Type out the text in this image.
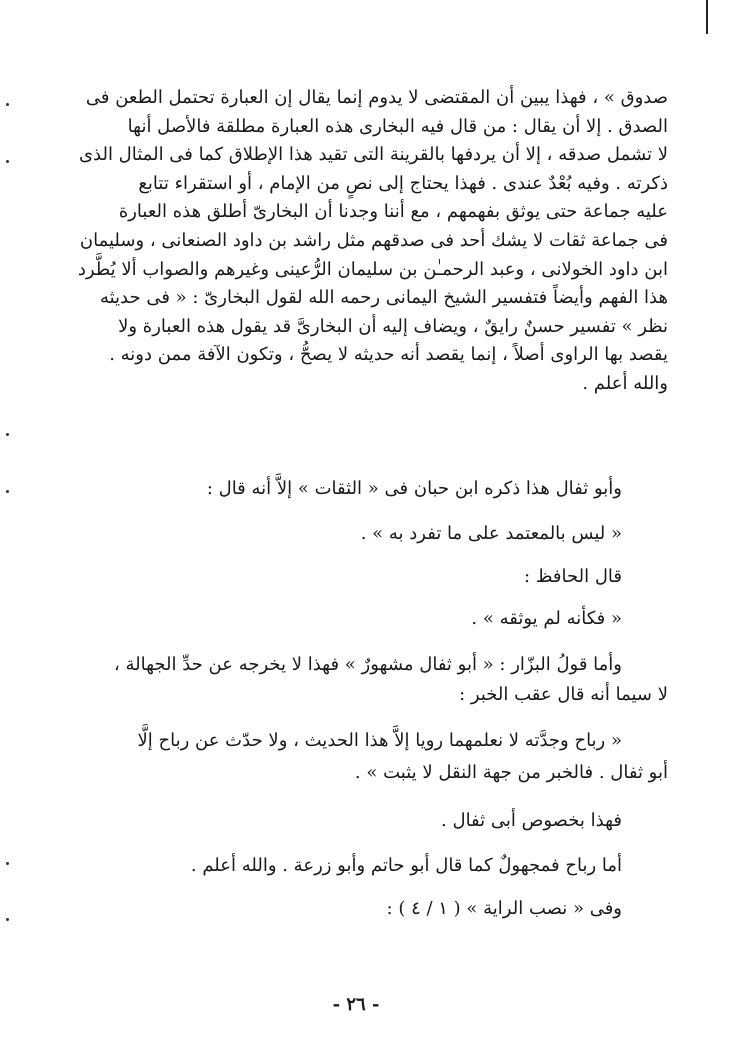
صدوق » ، فهذا يبين أن المقتضى لا يدوم إنما يقال إن العبارة تحتمل الطعن فى

الصدق . إلا أن يقال : من قال فيه البخارى هذه العبارة مطلقة فالأصل أنها

لا تشمل صدقه ، إلا أن يردفها بالقرينة التى تقيد هذا الإطلاق كما فى المثال الذى

ذكرته . وفيه بُعْدٌ عندى . فهذا يحتاج إلى نصٍ من الإمام ، أو استقراء تتابع

عليه جماعة حتى يوثق بفهمهم ، مع أننا وجدنا أن البخارىّ أطلق هذه العبارة

فى جماعة ثقات لا يشك أحد فى صدقهم مثل راشد بن داود الصنعانى ، وسليمان

ابن داود الخولانى ، وعبد الرحمـٰن بن سليمان الرُّعينى وغيرهم والصواب ألا يُطَّرد

هذا الفهم وأيضاً فتفسير الشيخ اليمانى رحمه الله لقول البخارىّ : « فى حديثه

نظر » تفسير حسنٌ رايقٌ ، ويضاف إليه أن البخارىَّ قد يقول هذه العبارة ولا

يقصد بها الراوى أصلاً ، إنما يقصد أنه حديثه لا يصحُّ ، وتكون الآفة ممن دونه .

والله أعلم .

وأبو ثفال هذا ذكره ابن حبان فى « الثقات » إلاَّ أنه قال :

« ليس بالمعتمد على ما تفرد به » .

قال الحافظ :

« فكأنه لم يوثقه » .

وأما قولُ البزّار : « أبو ثفال مشهورٌ » فهذا لا يخرجه عن حدِّ الجهالة ،

لا سيما أنه قال عقب الخبر :

« رباح وجدَّته لا نعلمهما رويا إلاَّ هذا الحديث ، ولا حدّث عن رباح إلَّا

أبو ثفال . فالخبر من جهة النقل لا يثبت » .

فهذا بخصوص أبى ثفال .

أما رباح فمجهولٌ كما قال أبو حاتم وأبو زرعة . والله أعلم .

وفى « نصب الراية » ( ١ / ٤ ) :

- ٢٦ -
